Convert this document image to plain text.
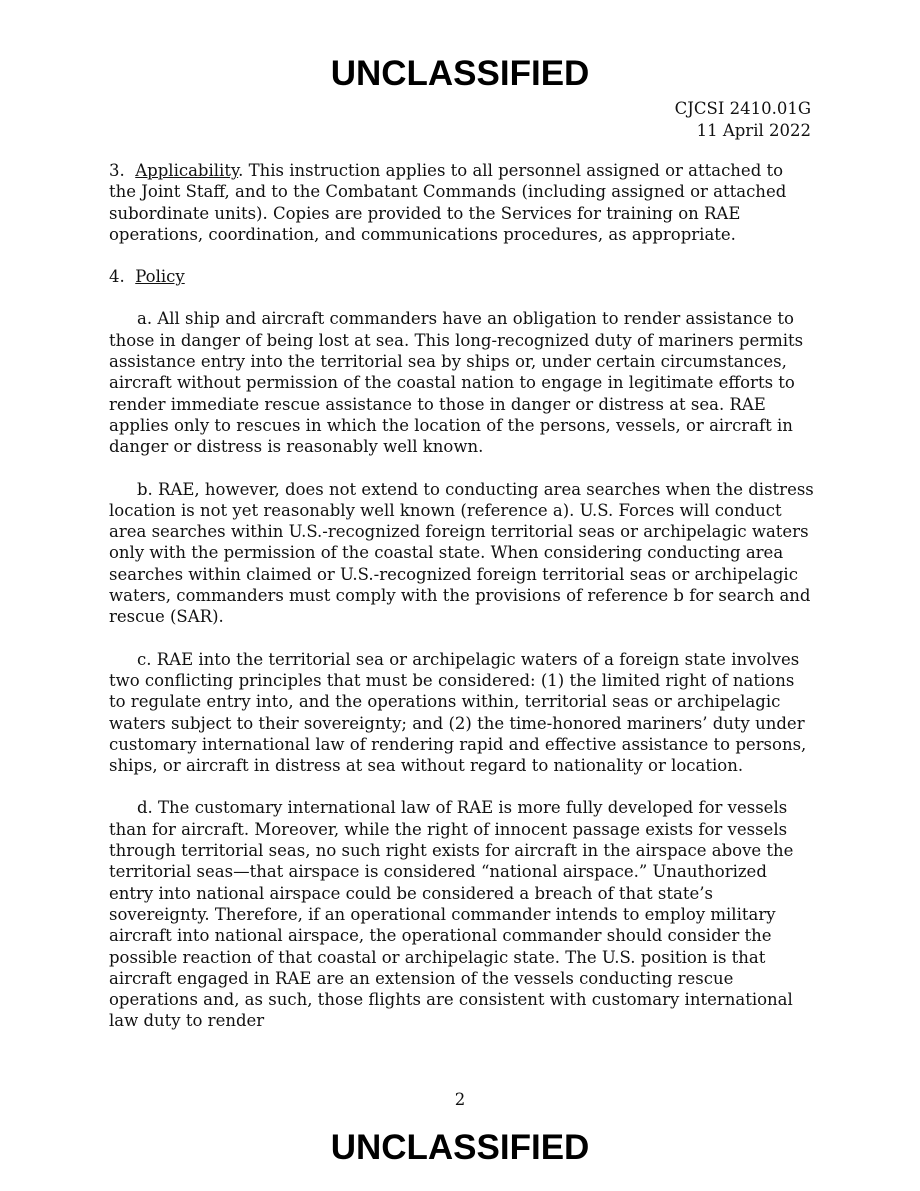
UNCLASSIFIED
CJCSI 2410.01G
11 April 2022

3. Applicability. This instruction applies to all personnel assigned or attached to the Joint Staff, and to the Combatant Commands (including assigned or attached subordinate units). Copies are provided to the Services for training on RAE operations, coordination, and communications procedures, as appropriate.

4. Policy

a. All ship and aircraft commanders have an obligation to render assistance to those in danger of being lost at sea. This long-recognized duty of mariners permits assistance entry into the territorial sea by ships or, under certain circumstances, aircraft without permission of the coastal nation to engage in legitimate efforts to render immediate rescue assistance to those in danger or distress at sea. RAE applies only to rescues in which the location of the persons, vessels, or aircraft in danger or distress is reasonably well known.

b. RAE, however, does not extend to conducting area searches when the distress location is not yet reasonably well known (reference a). U.S. Forces will conduct area searches within U.S.-recognized foreign territorial seas or archipelagic waters only with the permission of the coastal state. When considering conducting area searches within claimed or U.S.-recognized foreign territorial seas or archipelagic waters, commanders must comply with the provisions of reference b for search and rescue (SAR).

c. RAE into the territorial sea or archipelagic waters of a foreign state involves two conflicting principles that must be considered: (1) the limited right of nations to regulate entry into, and the operations within, territorial seas or archipelagic waters subject to their sovereignty; and (2) the time-honored mariners’ duty under customary international law of rendering rapid and effective assistance to persons, ships, or aircraft in distress at sea without regard to nationality or location.

d. The customary international law of RAE is more fully developed for vessels than for aircraft. Moreover, while the right of innocent passage exists for vessels through territorial seas, no such right exists for aircraft in the airspace above the territorial seas—that airspace is considered “national airspace.” Unauthorized entry into national airspace could be considered a breach of that state’s sovereignty. Therefore, if an operational commander intends to employ military aircraft into national airspace, the operational commander should consider the possible reaction of that coastal or archipelagic state. The U.S. position is that aircraft engaged in RAE are an extension of the vessels conducting rescue operations and, as such, those flights are consistent with customary international law duty to render

2
UNCLASSIFIED
